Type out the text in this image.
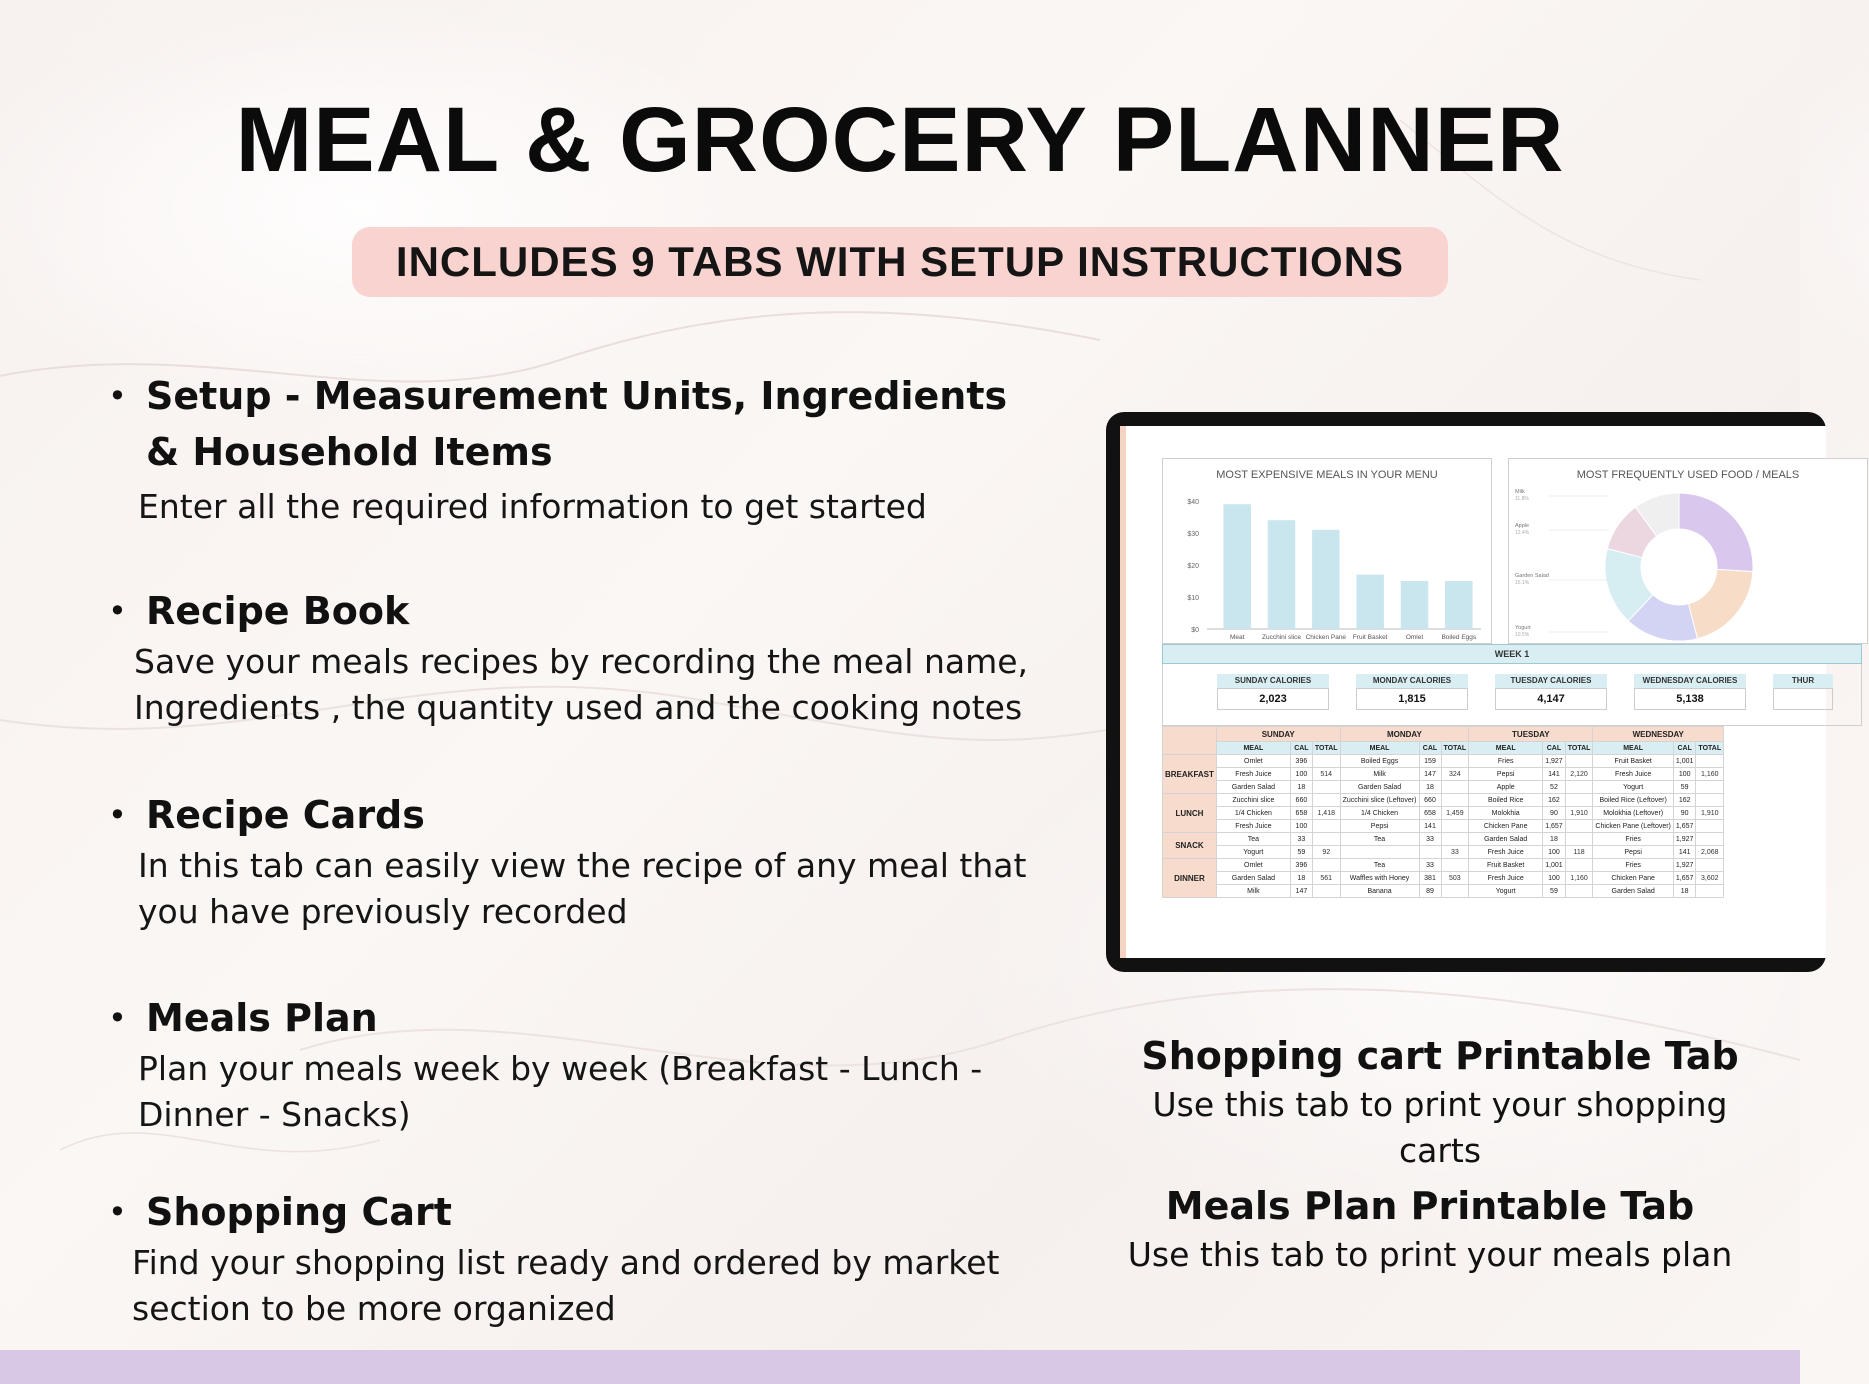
MEAL & GROCERY PLANNER
INCLUDES 9 TABS WITH SETUP INSTRUCTIONS
• Setup - Measurement Units, Ingredients & Household Items
Enter all the required information to get started
• Recipe Book
Save your meals recipes by recording the meal name,
Ingredients , the quantity used and the cooking notes
• Recipe Cards
In this tab can easily view the recipe of any meal that
you have previously recorded
• Meals Plan
Plan your meals week by week (Breakfast - Lunch -
Dinner - Snacks)
• Shopping Cart
Find your shopping list ready and ordered by market
section to be more organized
Shopping cart Printable Tab
Use this tab to print your shopping carts
Meals Plan Printable Tab
Use this tab to print your meals plan
MOST EXPENSIVE MEALS IN YOUR MENU
$0
$10
$20
$30
$40
Meat	Zucchini slice Chicken Pane Fruit Basket	Omlet	Boiled Eggs
MOST FREQUENTLY USED FOOD / MEALS
Milk
11.8%
Apple
12.4%
Garden Salad
15.1%
Yogurt
10.5%
WEEK 1
SUNDAY CALORIES
2,023
MONDAY CALORIES
1,815
TUESDAY CALORIES
4,147
WEDNESDAY CALORIES
5,138
THUR
	SUNDAY			MONDAY			TUESDAY			WEDNESDAY		
	MEAL	CAL	TOTAL	MEAL	CAL	TOTAL	MEAL	CAL	TOTAL	MEAL	CAL	TOTAL
BREAKFAST	Omlet	396		Boiled Eggs	159		Fries	1,927		Fruit Basket	1,001	
	Fresh Juice	100	514	Milk	147	324	Pepsi	141	2,120	Fresh Juice	100	1,160
	Garden Salad	18		Garden Salad	18		Apple	52		Yogurt	59	
LUNCH	Zucchini slice	660		Zucchini slice (Leftover)	660		Boiled Rice	162		Boiled Rice (Leftover)	162	
	1/4 Chicken	658	1,418	1/4 Chicken	658	1,459	Molokhia	90	1,910	Molokhia (Leftover)	90	1,910
	Fresh Juice	100		Pepsi	141		Chicken Pane	1,657		Chicken Pane (Leftover)	1,657	
SNACK	Tea	33		Tea	33		Garden Salad	18		Fries	1,927	
	Yogurt	59	92			33	Fresh Juice	100	118	Pepsi	141	2,068
DINNER	Omlet	396		Tea	33		Fruit Basket	1,001		Fries	1,927	
	Garden Salad	18	561	Waffles with Honey	381	503	Fresh Juice	100	1,160	Chicken Pane	1,657	3,602
	Milk	147		Banana	89		Yogurt	59		Garden Salad	18	
